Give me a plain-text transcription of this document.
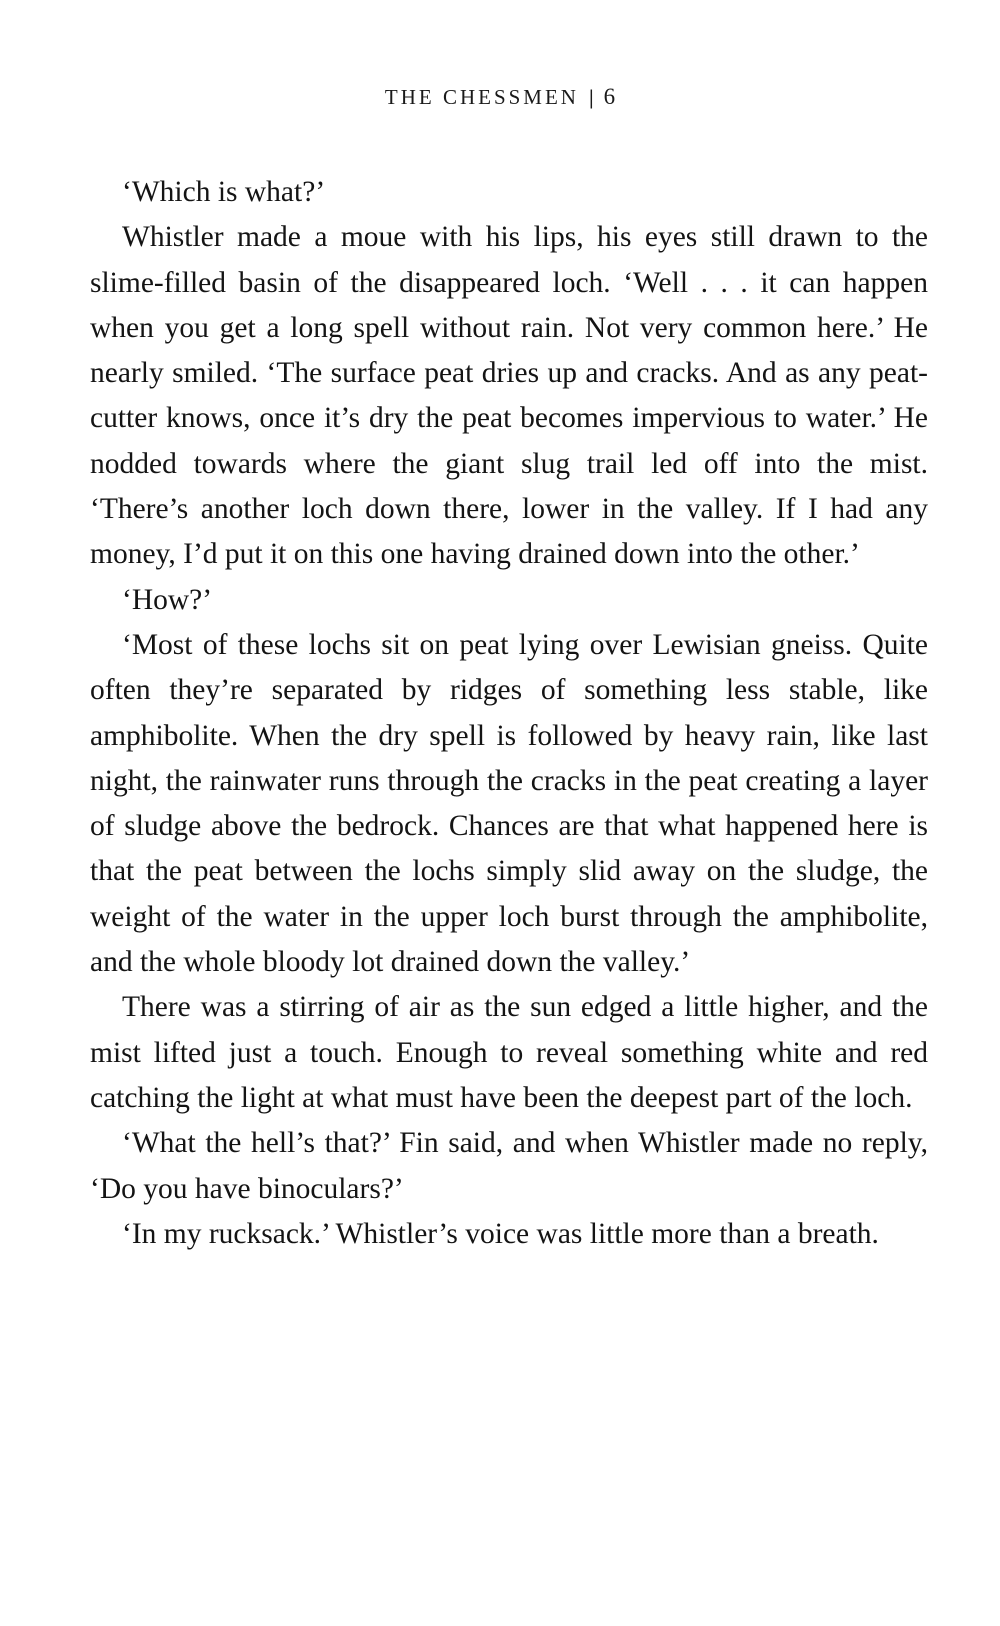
THE CHESSMEN | 6

‘Which is what?’

Whistler made a moue with his lips, his eyes still drawn to the slime-filled basin of the disappeared loch. ‘Well . . . it can happen when you get a long spell without rain. Not very common here.’ He nearly smiled. ‘The surface peat dries up and cracks. And as any peat-cutter knows, once it’s dry the peat becomes impervious to water.’ He nodded towards where the giant slug trail led off into the mist. ‘There’s another loch down there, lower in the valley. If I had any money, I’d put it on this one having drained down into the other.’

‘How?’

‘Most of these lochs sit on peat lying over Lewisian gneiss. Quite often they’re separated by ridges of something less stable, like amphibolite. When the dry spell is followed by heavy rain, like last night, the rainwater runs through the cracks in the peat creating a layer of sludge above the bedrock. Chances are that what happened here is that the peat between the lochs simply slid away on the sludge, the weight of the water in the upper loch burst through the amphibolite, and the whole bloody lot drained down the valley.’

There was a stirring of air as the sun edged a little higher, and the mist lifted just a touch. Enough to reveal something white and red catching the light at what must have been the deepest part of the loch.

‘What the hell’s that?’ Fin said, and when Whistler made no reply, ‘Do you have binoculars?’

‘In my rucksack.’ Whistler’s voice was little more than a breath.
